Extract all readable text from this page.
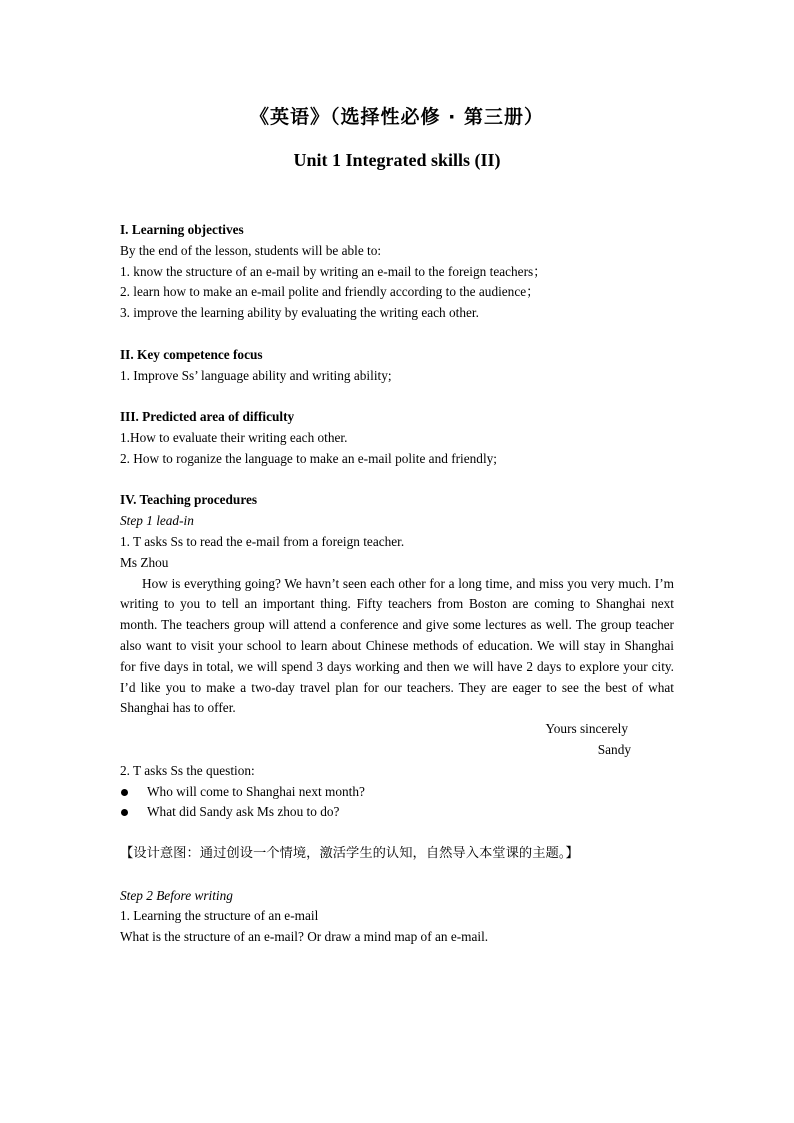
《英语》（选择性必修 · 第三册）
Unit 1 Integrated skills (II)
I. Learning objectives
By the end of the lesson, students will be able to:
1. know the structure of an e-mail by writing an e-mail to the foreign teachers；
2. learn how to make an e-mail polite and friendly according to the audience；
3. improve the learning ability by evaluating the writing each other.
II. Key competence focus
1. Improve Ss’ language ability and writing ability;
III. Predicted area of difficulty
1.How to evaluate their writing each other.
2. How to roganize the language to make an e-mail polite and friendly;
IV. Teaching procedures
Step 1 lead-in
1. T asks Ss to read the e-mail from a foreign teacher.
Ms Zhou

How is everything going? We havn’t seen each other for a long time, and miss you very much. I’m writing to you to tell an important thing. Fifty teachers from Boston are coming to Shanghai next month. The teachers group will attend a conference and give some lectures as well. The group teacher also want to visit your school to learn about Chinese methods of education. We will stay in Shanghai for five days in total, we will spend 3 days working and then we will have 2 days to explore your city. I’d like you to make a two-day travel plan for our teachers. They are eager to see the best of what Shanghai has to offer.

Yours sincerely
Sandy
2. T asks Ss the question:
Who will come to Shanghai next month?
What did Sandy ask Ms zhou to do?
【设计意图：通过创设一个情境，激活学生的认知，自然导入本堂课的主题。】
Step 2 Before writing
1. Learning the structure of an e-mail
What is the structure of an e-mail? Or draw a mind map of an e-mail.
